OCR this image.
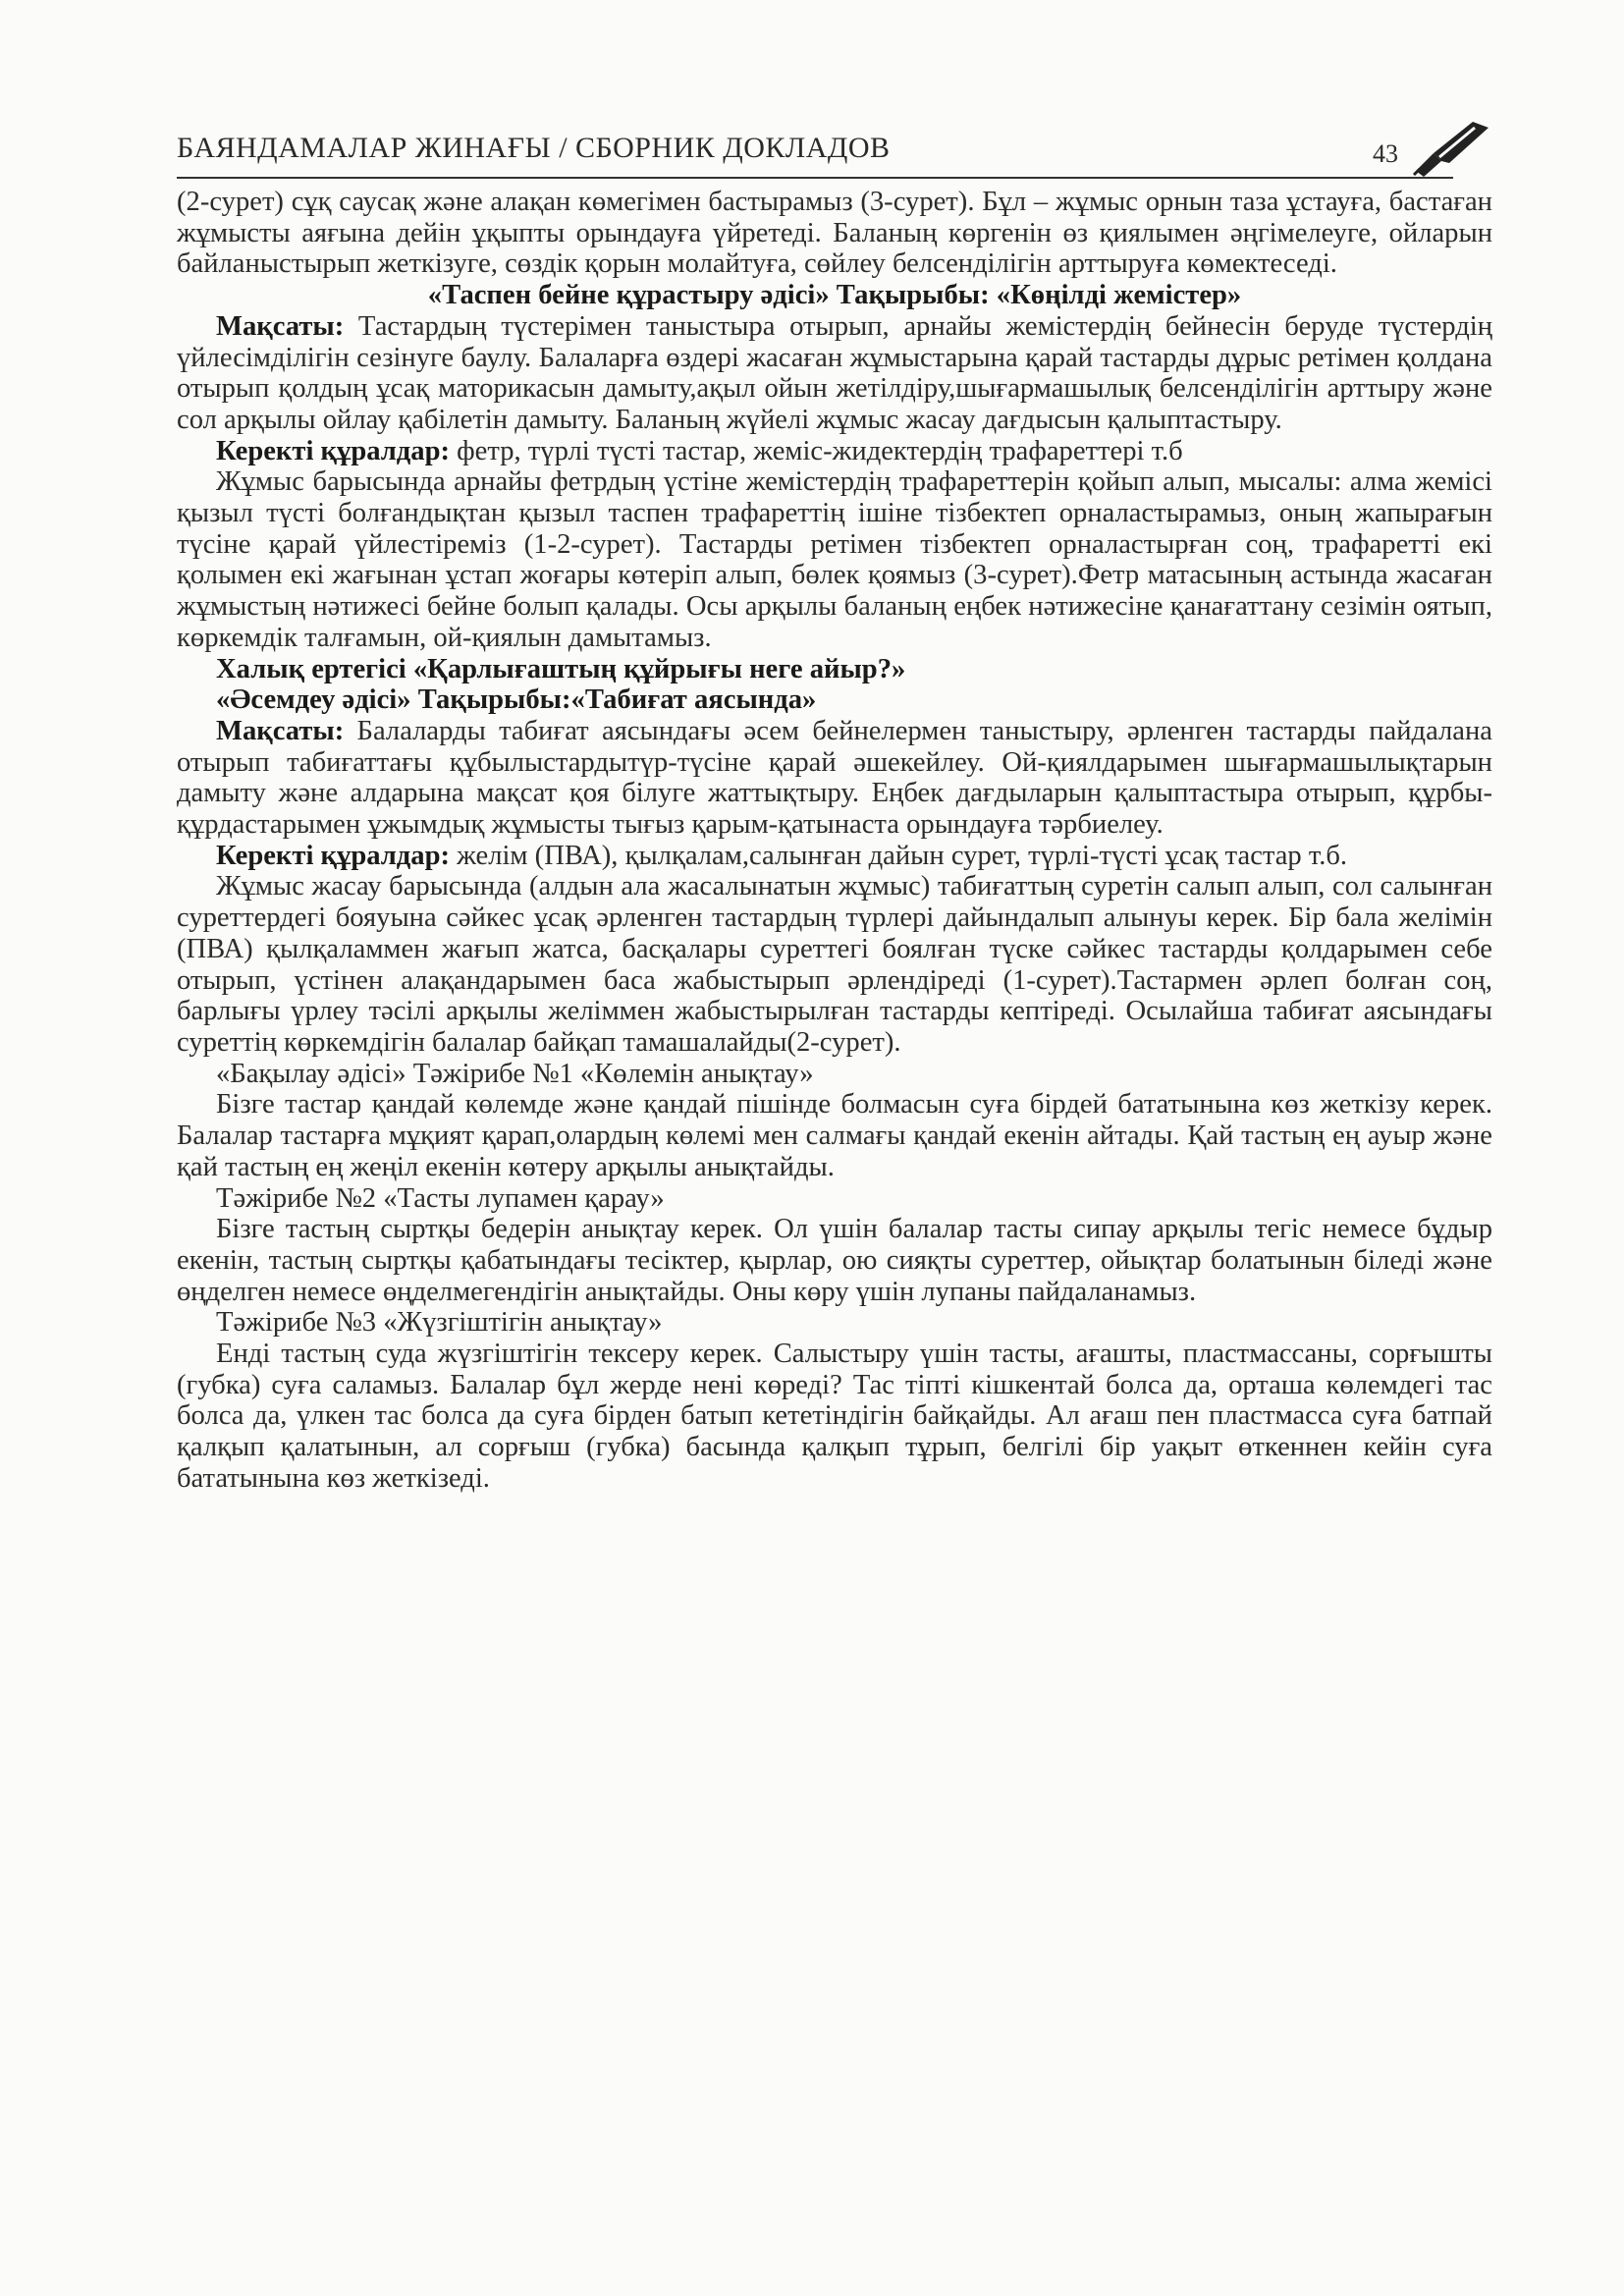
БАЯНДАМАЛАР ЖИНАҒЫ / СБОРНИК ДОКЛАДОВ	43

(2-сурет) сұқ саусақ және алақан көмегімен бастырамыз (3-сурет). Бұл – жұмыс орнын таза ұстауға, бастаған жұмысты аяғына дейін ұқыпты орындауға үйретеді. Баланың көргенін өз қиялымен әңгімелеуге, ойларын байланыстырып жеткізуге, сөздік қорын молайтуға, сөйлеу белсенділігін арттыруға көмектеседі.

«Таспен бейне құрастыру әдісі» Тақырыбы: «Көңілді жемістер»

Мақсаты: Тастардың түстерімен таныстыра отырып, арнайы жемістердің бейнесін беруде түстердің үйлесімділігін сезінуге баулу. Балаларға өздері жасаған жұмыстарына қарай тастарды дұрыс ретімен қолдана отырып қолдың ұсақ маторикасын дамыту,ақыл ойын жетілдіру,шығармашылық белсенділігін арттыру және сол арқылы ойлау қабілетін дамыту. Баланың жүйелі жұмыс жасау дағдысын қалыптастыру.

Керекті құралдар: фетр, түрлі түсті тастар, жеміс-жидектердің трафареттері т.б

Жұмыс барысында арнайы фетрдың үстіне жемістердің трафареттерін қойып алып, мысалы: алма жемісі қызыл түсті болғандықтан қызыл таспен трафареттің ішіне тізбектеп орналастырамыз, оның жапырағын түсіне қарай үйлестіреміз (1-2-сурет). Тастарды ретімен тізбектеп орналастырған соң, трафаретті екі қолымен екі жағынан ұстап жоғары көтеріп алып, бөлек қоямыз (3-сурет).Фетр матасының астында жасаған жұмыстың нәтижесі бейне болып қалады. Осы арқылы баланың еңбек нәтижесіне қанағаттану сезімін оятып, көркемдік талғамын, ой-қиялын дамытамыз.

Халық ертегісі «Қарлығаштың құйрығы неге айыр?»

«Әсемдеу әдісі» Тақырыбы:«Табиғат аясында»

Мақсаты: Балаларды табиғат аясындағы әсем бейнелермен таныстыру, әрленген тастарды пайдалана отырып табиғаттағы құбылыстардытүр-түсіне қарай әшекейлеу. Ой-қиялдарымен шығармашылықтарын дамыту және алдарына мақсат қоя білуге жаттықтыру. Еңбек дағдыларын қалыптастыра отырып, құрбы-құрдастарымен ұжымдық жұмысты тығыз қарым-қатынаста орындауға тәрбиелеу.

Керекті құралдар: желім (ПВА), қылқалам,салынған дайын сурет, түрлі-түсті ұсақ тастар т.б.

Жұмыс жасау барысында (алдын ала жасалынатын жұмыс) табиғаттың суретін салып алып, сол салынған суреттердегі бояуына сәйкес ұсақ әрленген тастардың түрлері дайындалып алынуы керек. Бір бала желімін (ПВА) қылқаламмен жағып жатса, басқалары суреттегі боялған түске сәйкес тастарды қолдарымен себе отырып, үстінен алақандарымен баса жабыстырып әрлендіреді (1-сурет).Тастармен әрлеп болған соң, барлығы үрлеу тәсілі арқылы желіммен жабыстырылған тастарды кептіреді. Осылайша табиғат аясындағы суреттің көркемдігін балалар байқап тамашалайды(2-сурет).

«Бақылау әдісі» Тәжірибе №1 «Көлемін анықтау»

Бізге тастар қандай көлемде және қандай пішінде болмасын суға бірдей бататынына көз жеткізу керек. Балалар тастарға мұқият қарап,олардың көлемі мен салмағы қандай екенін айтады. Қай тастың ең ауыр және қай тастың ең жеңіл екенін көтеру арқылы анықтайды.

Тәжірибе №2 «Тасты лупамен қарау»

Бізге тастың сыртқы бедерін анықтау керек. Ол үшін балалар тасты сипау арқылы тегіс немесе бұдыр екенін, тастың сыртқы қабатындағы тесіктер, қырлар, ою сияқты суреттер, ойықтар болатынын біледі және өңделген немесе өңделмегендігін анықтайды. Оны көру үшін лупаны пайдаланамыз.

Тәжірибе №3 «Жүзгіштігін анықтау»

Енді тастың суда жүзгіштігін тексеру керек. Салыстыру үшін тасты, ағашты, пластмассаны, сорғышты (губка) суға саламыз. Балалар бұл жерде нені көреді? Тас тіпті кішкентай болса да, орташа көлемдегі тас болса да, үлкен тас болса да суға бірден батып кететіндігін байқайды. Ал ағаш пен пластмасса суға батпай қалқып қалатынын, ал сорғыш (губка) басында қалқып тұрып, белгілі бір уақыт өткеннен кейін суға бататынына көз жеткізеді.
